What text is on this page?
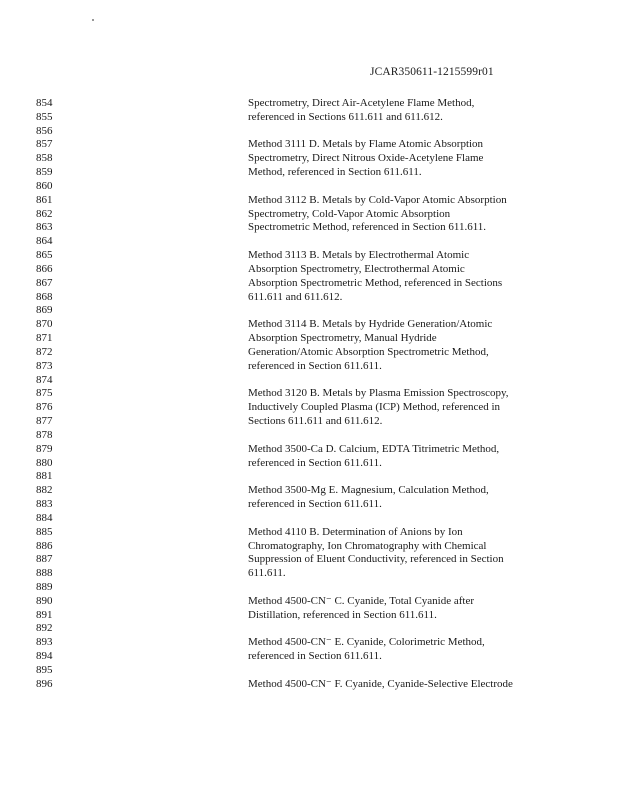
JCAR350611-1215599r01
854	Spectrometry, Direct Air-Acetylene Flame Method,
855	referenced in Sections 611.611 and 611.612.
856
857	Method 3111 D. Metals by Flame Atomic Absorption
858	Spectrometry, Direct Nitrous Oxide-Acetylene Flame
859	Method, referenced in Section 611.611.
860
861	Method 3112 B. Metals by Cold-Vapor Atomic Absorption
862	Spectrometry, Cold-Vapor Atomic Absorption
863	Spectrometric Method, referenced in Section 611.611.
864
865	Method 3113 B. Metals by Electrothermal Atomic
866	Absorption Spectrometry, Electrothermal Atomic
867	Absorption Spectrometric Method, referenced in Sections
868	611.611 and 611.612.
869
870	Method 3114 B. Metals by Hydride Generation/Atomic
871	Absorption Spectrometry, Manual Hydride
872	Generation/Atomic Absorption Spectrometric Method,
873	referenced in Section 611.611.
874
875	Method 3120 B. Metals by Plasma Emission Spectroscopy,
876	Inductively Coupled Plasma (ICP) Method, referenced in
877	Sections 611.611 and 611.612.
878
879	Method 3500-Ca D. Calcium, EDTA Titrimetric Method,
880	referenced in Section 611.611.
881
882	Method 3500-Mg E. Magnesium, Calculation Method,
883	referenced in Section 611.611.
884
885	Method 4110 B. Determination of Anions by Ion
886	Chromatography, Ion Chromatography with Chemical
887	Suppression of Eluent Conductivity, referenced in Section
888	611.611.
889
890	Method 4500-CN⁻ C. Cyanide, Total Cyanide after
891	Distillation, referenced in Section 611.611.
892
893	Method 4500-CN⁻ E. Cyanide, Colorimetric Method,
894	referenced in Section 611.611.
895
896	Method 4500-CN⁻ F. Cyanide, Cyanide-Selective Electrode
